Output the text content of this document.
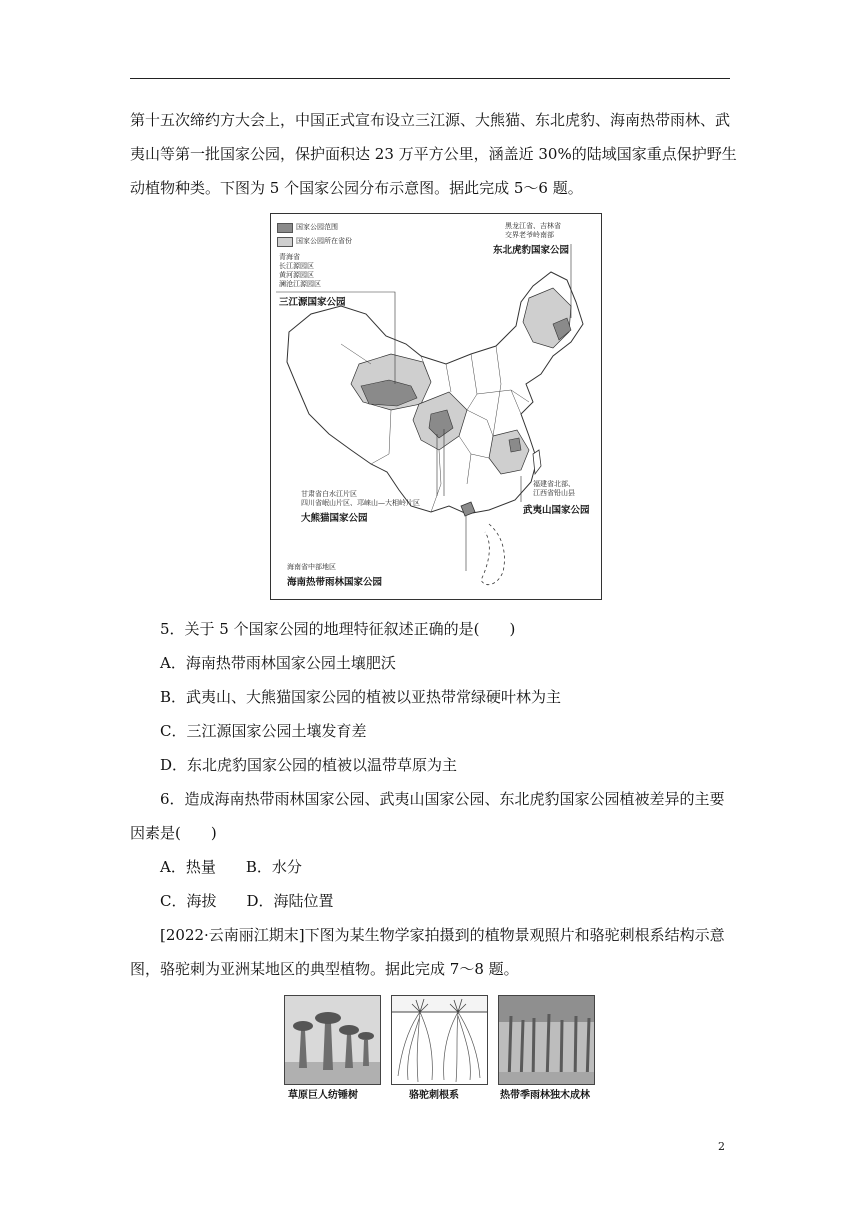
第十五次缔约方大会上，中国正式宣布设立三江源、大熊猫、东北虎豹、海南热带雨林、武
夷山等第一批国家公园，保护面积达 23 万平方公里，涵盖近 30%的陆域国家重点保护野生
动植物种类。下图为 5 个国家公园分布示意图。据此完成 5～6 题。
国家公园范围
国家公园所在省份
青海省
长江源园区
黄河源园区
澜沧江源园区
三江源国家公园
黑龙江省、吉林省
交界老爷岭南部
东北虎豹国家公园
甘肃省白水江片区
四川省岷山片区、邛崃山—大相岭片区
大熊猫国家公园
福建省北部、
江西省铅山县
武夷山国家公园
海南省中部地区
海南热带雨林国家公园
5．关于 5 个国家公园的地理特征叙述正确的是(　　)
A．海南热带雨林国家公园土壤肥沃
B．武夷山、大熊猫国家公园的植被以亚热带常绿硬叶林为主
C．三江源国家公园土壤发育差
D．东北虎豹国家公园的植被以温带草原为主
6．造成海南热带雨林国家公园、武夷山国家公园、东北虎豹国家公园植被差异的主要
因素是(　　)
A．热量　　B．水分
C．海拔　　D．海陆位置
[2022·云南丽江期末]下图为某生物学家拍摄到的植物景观照片和骆驼刺根系结构示意
图，骆驼刺为亚洲某地区的典型植物。据此完成 7～8 题。
草原巨人纺锤树	骆驼刺根系	热带季雨林独木成林
2
